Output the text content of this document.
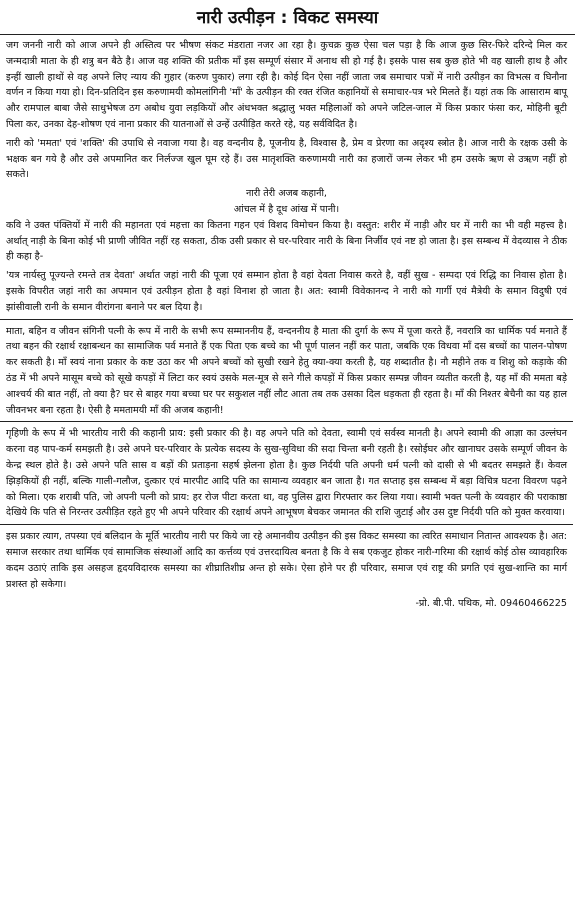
नारी उत्पीड़न : विकट समस्या

जग जननी नारी को आज अपने ही अस्तित्व पर भीषण संकट मंडराता नजर आ रहा है। कुचक्र कुछ ऐसा चल पड़ा है कि आज कुछ सिर-फिरे दरिन्दे मिल कर जन्मदात्री माता के ही शत्रु बन बैठे है। आज वह शक्ति की प्रतीक माँ इस सम्पूर्ण संसार में अनाथ सी हो गई है। इसके पास सब कुछ होते भी वह खाली हाथ है और इन्हीं खाली हाथों से वह अपने लिए न्याय की गुहार (करुण पुकार) लगा रही है। कोई दिन ऐसा नहीं जाता जब समाचार पत्रों में नारी उत्पीड़न का विभत्स व घिनौना वर्णन न किया गया हो। दिन-प्रतिदिन इस करुणामयी कोमलांगिनी 'माँ' के उत्पीड़न की रक्त रंजित कहानियों से समाचार-पत्र भरे मिलते हैं। यहां तक कि आसाराम बापू और रामपाल बाबा जैसे साधुभेषज ठग अबोध युवा लड़कियों और अंधभक्त श्रद्धालु भक्त महिलाओं को अपने जटिल-जाल में किस प्रकार फंसा कर, मोहिनी बूटी पिला कर, उनका देह-शोषण एवं नाना प्रकार की यातनाओं से उन्हें उत्पीड़ित करते रहे, यह सर्वविदित है।

नारी को 'ममता' एवं 'शक्ति' की उपाधि से नवाजा गया है। वह वन्दनीय है, पूजनीय है, विश्वास है, प्रेम व प्रेरणा का अदृश्य स्त्रोत है। आज नारी के रक्षक उसी के भक्षक बन गये है और उसे अपमानित कर निर्लज्ज खुल घूम रहे हैं। उस मातृशक्ति करुणामयी नारी का हजारों जन्म लेकर भी हम उसके ऋण से उऋण नहीं हो सकते।

नारी तेरी अजब कहानी,

आंचल में है दूध आंख में पानी।

कवि ने उक्त पंक्तियों में नारी की महानता एवं महत्ता का कितना गहन एवं विशद विमोचन किया है। वस्तुत: शरीर में नाड़ी और घर में नारी का भी वही महत्त्व है। अर्थात् नाड़ी के बिना कोई भी प्राणी जीवित नहीं रह सकता, ठीक उसी प्रकार से घर-परिवार नारी के बिना निर्जीव एवं नष्ट हो जाता है। इस सम्बन्ध में वेदव्यास ने ठीक ही कहा है-

'यत्र नार्यस्तु पूज्यन्ते रमन्ते तत्र देवता' अर्थात जहां नारी की पूजा एवं सम्मान होता है वहां देवता निवास करते है, वहीं सुख - सम्पदा एवं रिद्धि का निवास होता है। इसके विपरीत जहां नारी का अपमान एवं उत्पीड़न होता है वहां विनाश हो जाता है। अत: स्वामी विवेकानन्द ने नारी को गार्गी एवं मैत्रेयी के समान विदुषी एवं झांसीवाली रानी के समान वीरांगना बनाने पर बल दिया है।

माता, बहिन व जीवन संगिनी पत्नी के रूप में नारी के सभी रूप सम्माननीय हैं, वन्दननीय है माता की दुर्गा के रूप में पूजा करते हैं, नवरात्रि का धार्मिक पर्व मनाते हैं तथा बहन की रक्षार्थ रक्षाबन्धन का सामाजिक पर्व मनाते हैं एक पिता एक बच्चे का भी पूर्ण पालन नहीं कर पाता, जबकि एक विधवा माँ दस बच्चों का पालन-पोषण कर सकती है। माँ स्वयं नाना प्रकार के कष्ट उठा कर भी अपने बच्चों को सुखी रखने हेतु क्या-क्या करती है, यह शब्दातीत है। नौ महीने तक व शिशु को कड़ाके की ठंड में भी अपने मासूम बच्चे को सूखे कपड़ों में लिटा कर स्वयं उसके मल-मूत्र से सने गीले कपड़ों में किस प्रकार सम्पन्न जीवन व्यतीत करती है, यह माँ की ममता बड़े आश्चर्य की बात नहीं, तो क्या है? घर से बाहर गया बच्चा घर पर सकुशल नहीं लौट आता तब तक उसका दिल धड़कता ही रहता है। माँ की निश्तर बेचैनी का यह हाल जीवनभर बना रहता है। ऐसी है ममतामयी माँ की अजब कहानी!

गृहिणी के रूप में भी भारतीय नारी की कहानी प्राय: इसी प्रकार की है। वह अपने पति को देवता, स्वामी एवं सर्वस्व मानती है। अपने स्वामी की आज्ञा का उल्लंघन करना वह पाप-कर्म समझती है। उसे अपने घर-परिवार के प्रत्येक सदस्य के सुख-सुविधा की सदा चिन्ता बनी रहती है। रसोईघर और खानाघर उसके सम्पूर्ण जीवन के केन्द्र स्थल होते है। उसे अपने पति सास व बड़ों की प्रताड़ना सहर्ष झेलना होता है। कुछ निर्दयी पति अपनी धर्म पत्नी को दासी से भी बदतर समझते हैं। केवल झिड़कियों ही नहीं, बल्कि गाली-गलौज, दुत्कार एवं मारपीट आदि पति का सामान्य व्यवहार बन जाता है। गत सप्ताह इस सम्बन्ध में बड़ा विचित्र घटना विवरण पढ़ने को मिला। एक शराबी पति, जो अपनी पत्नी को प्राय: हर रोज पीटा करता था, वह पुलिस द्वारा गिरफ्तार कर लिया गया। स्वामी भक्त पत्नी के व्यवहार की पराकाष्ठा देखिये कि पति से निरन्तर उत्पीड़ित रहते हुए भी अपने परिवार की रक्षार्थ अपने आभूषण बेचकर जमानत की राशि जुटाई और उस दुष्ट निर्दयी पति को मुक्त करवाया।

इस प्रकार त्याग, तपस्या एवं बलिदान के मूर्ति भारतीय नारी पर किये जा रहे अमानवीय उत्पीड़न की इस विकट समस्या का त्वरित समाधान नितान्त आवश्यक है। अत: समाज सरकार तथा धार्मिक एवं सामाजिक संस्थाओं आदि का कर्त्तव्य एवं उत्तरदायित्व बनता है कि वे सब एकजुट होकर नारी-गरिमा की रक्षार्थ कोई ठोस व्यावहारिक कदम उठाएं ताकि इस असहज हृदयविदारक समस्या का शीघ्रातिशीघ्र अन्त हो सके। ऐसा होने पर ही परिवार, समाज एवं राष्ट्र की प्रगति एवं सुख-शान्ति का मार्ग प्रशस्त हो सकेगा।

-प्रो. बी.पी. पथिक, मो. 09460466225
